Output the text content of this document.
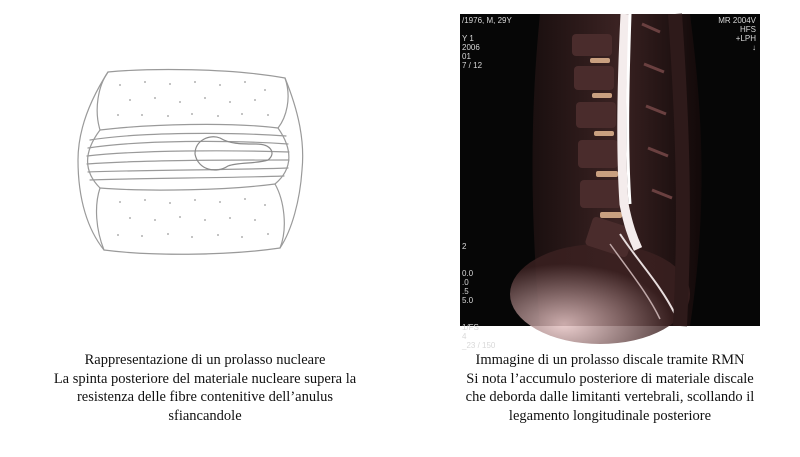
/1976, M, 29Y

Y 1
2006
01
7 / 12
MR 2004V
HFS
+LPH
↓
2

0.0
.0
.5
5.0

1/FS
4
_23 / 150
Rappresentazione di un prolasso nucleare
La spinta posteriore del materiale nucleare supera la
resistenza delle fibre contenitive dell’anulus
sfiancandole
Immagine di un prolasso discale tramite RMN
Si nota l’accumulo posteriore di materiale discale
che deborda dalle limitanti vertebrali, scollando il
legamento longitudinale posteriore
